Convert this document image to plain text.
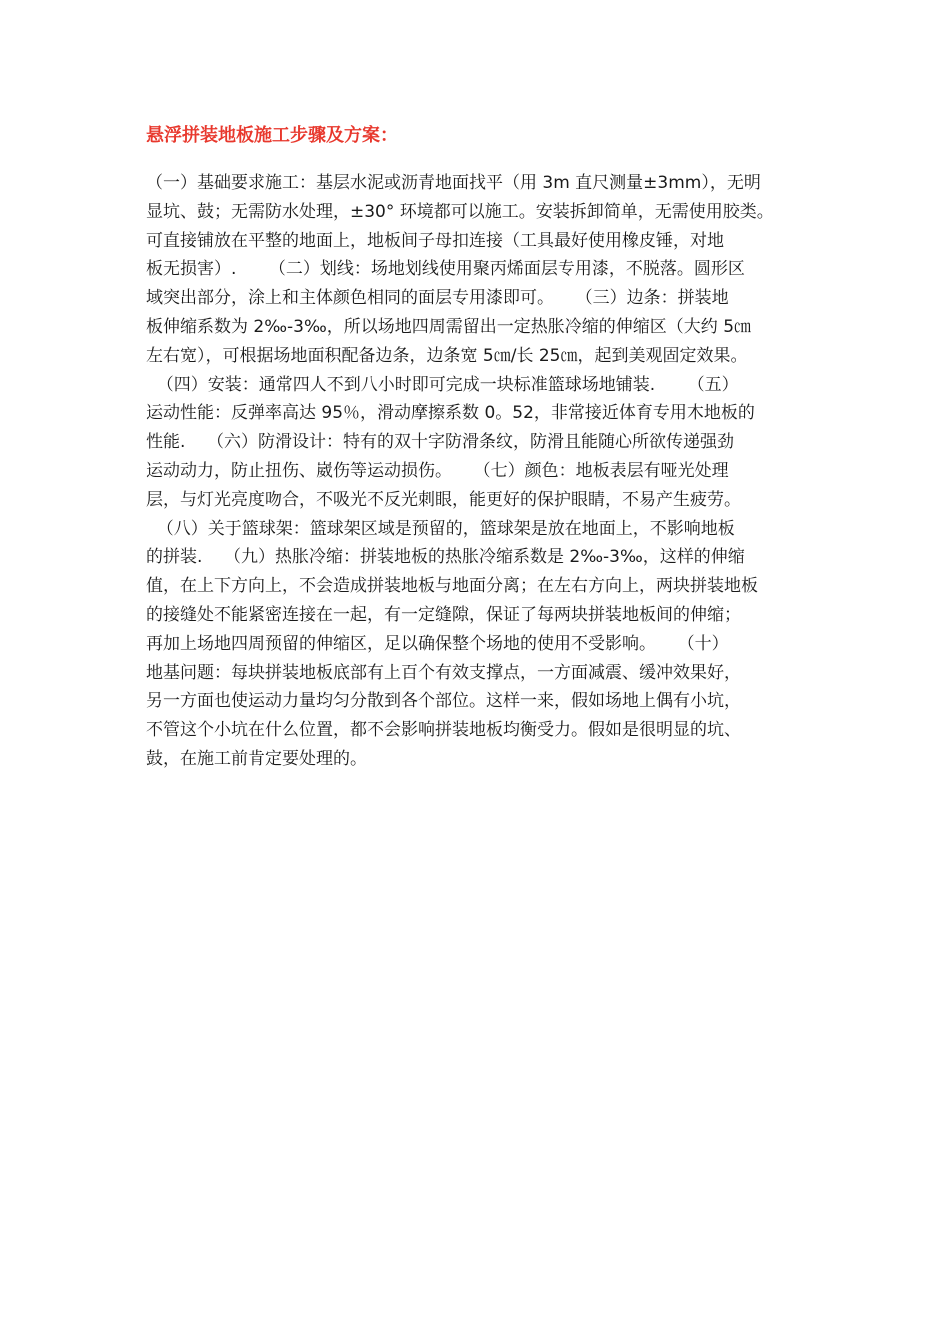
悬浮拼装地板施工步骤及方案：
（一）基础要求施工：基层水泥或沥青地面找平（用 3m 直尺测量±3mm），无明
显坑、鼓；无需防水处理，±30° 环境都可以施工。安装拆卸简单，无需使用胶类。
可直接铺放在平整的地面上，地板间子母扣连接（工具最好使用橡皮锤，对地
板无损害）.      （二）划线：场地划线使用聚丙烯面层专用漆，不脱落。圆形区
域突出部分，涂上和主体颜色相同的面层专用漆即可。    （三）边条：拼装地
板伸缩系数为 2‰-3‰，所以场地四周需留出一定热胀冷缩的伸缩区（大约 5㎝
左右宽），可根据场地面积配备边条，边条宽 5㎝/长 25㎝，起到美观固定效果。
（四）安装：通常四人不到八小时即可完成一块标准篮球场地铺装.      （五）
运动性能：反弹率高达 95％，滑动摩擦系数 0。52，非常接近体育专用木地板的
性能.    （六）防滑设计：特有的双十字防滑条纹，防滑且能随心所欲传递强劲
运动动力，防止扭伤、崴伤等运动损伤。    （七）颜色：地板表层有哑光处理
层，与灯光亮度吻合，不吸光不反光刺眼，能更好的保护眼睛，不易产生疲劳。
（八）关于篮球架：篮球架区域是预留的，篮球架是放在地面上，不影响地板
的拼装.    （九）热胀冷缩：拼装地板的热胀冷缩系数是 2‰-3‰，这样的伸缩
值，在上下方向上，不会造成拼装地板与地面分离；在左右方向上，两块拼装地板
的接缝处不能紧密连接在一起，有一定缝隙，保证了每两块拼装地板间的伸缩；
再加上场地四周预留的伸缩区，足以确保整个场地的使用不受影响。    （十）
地基问题：每块拼装地板底部有上百个有效支撑点，一方面减震、缓冲效果好，
另一方面也使运动力量均匀分散到各个部位。这样一来，假如场地上偶有小坑，
不管这个小坑在什么位置，都不会影响拼装地板均衡受力。假如是很明显的坑、
鼓，在施工前肯定要处理的。
